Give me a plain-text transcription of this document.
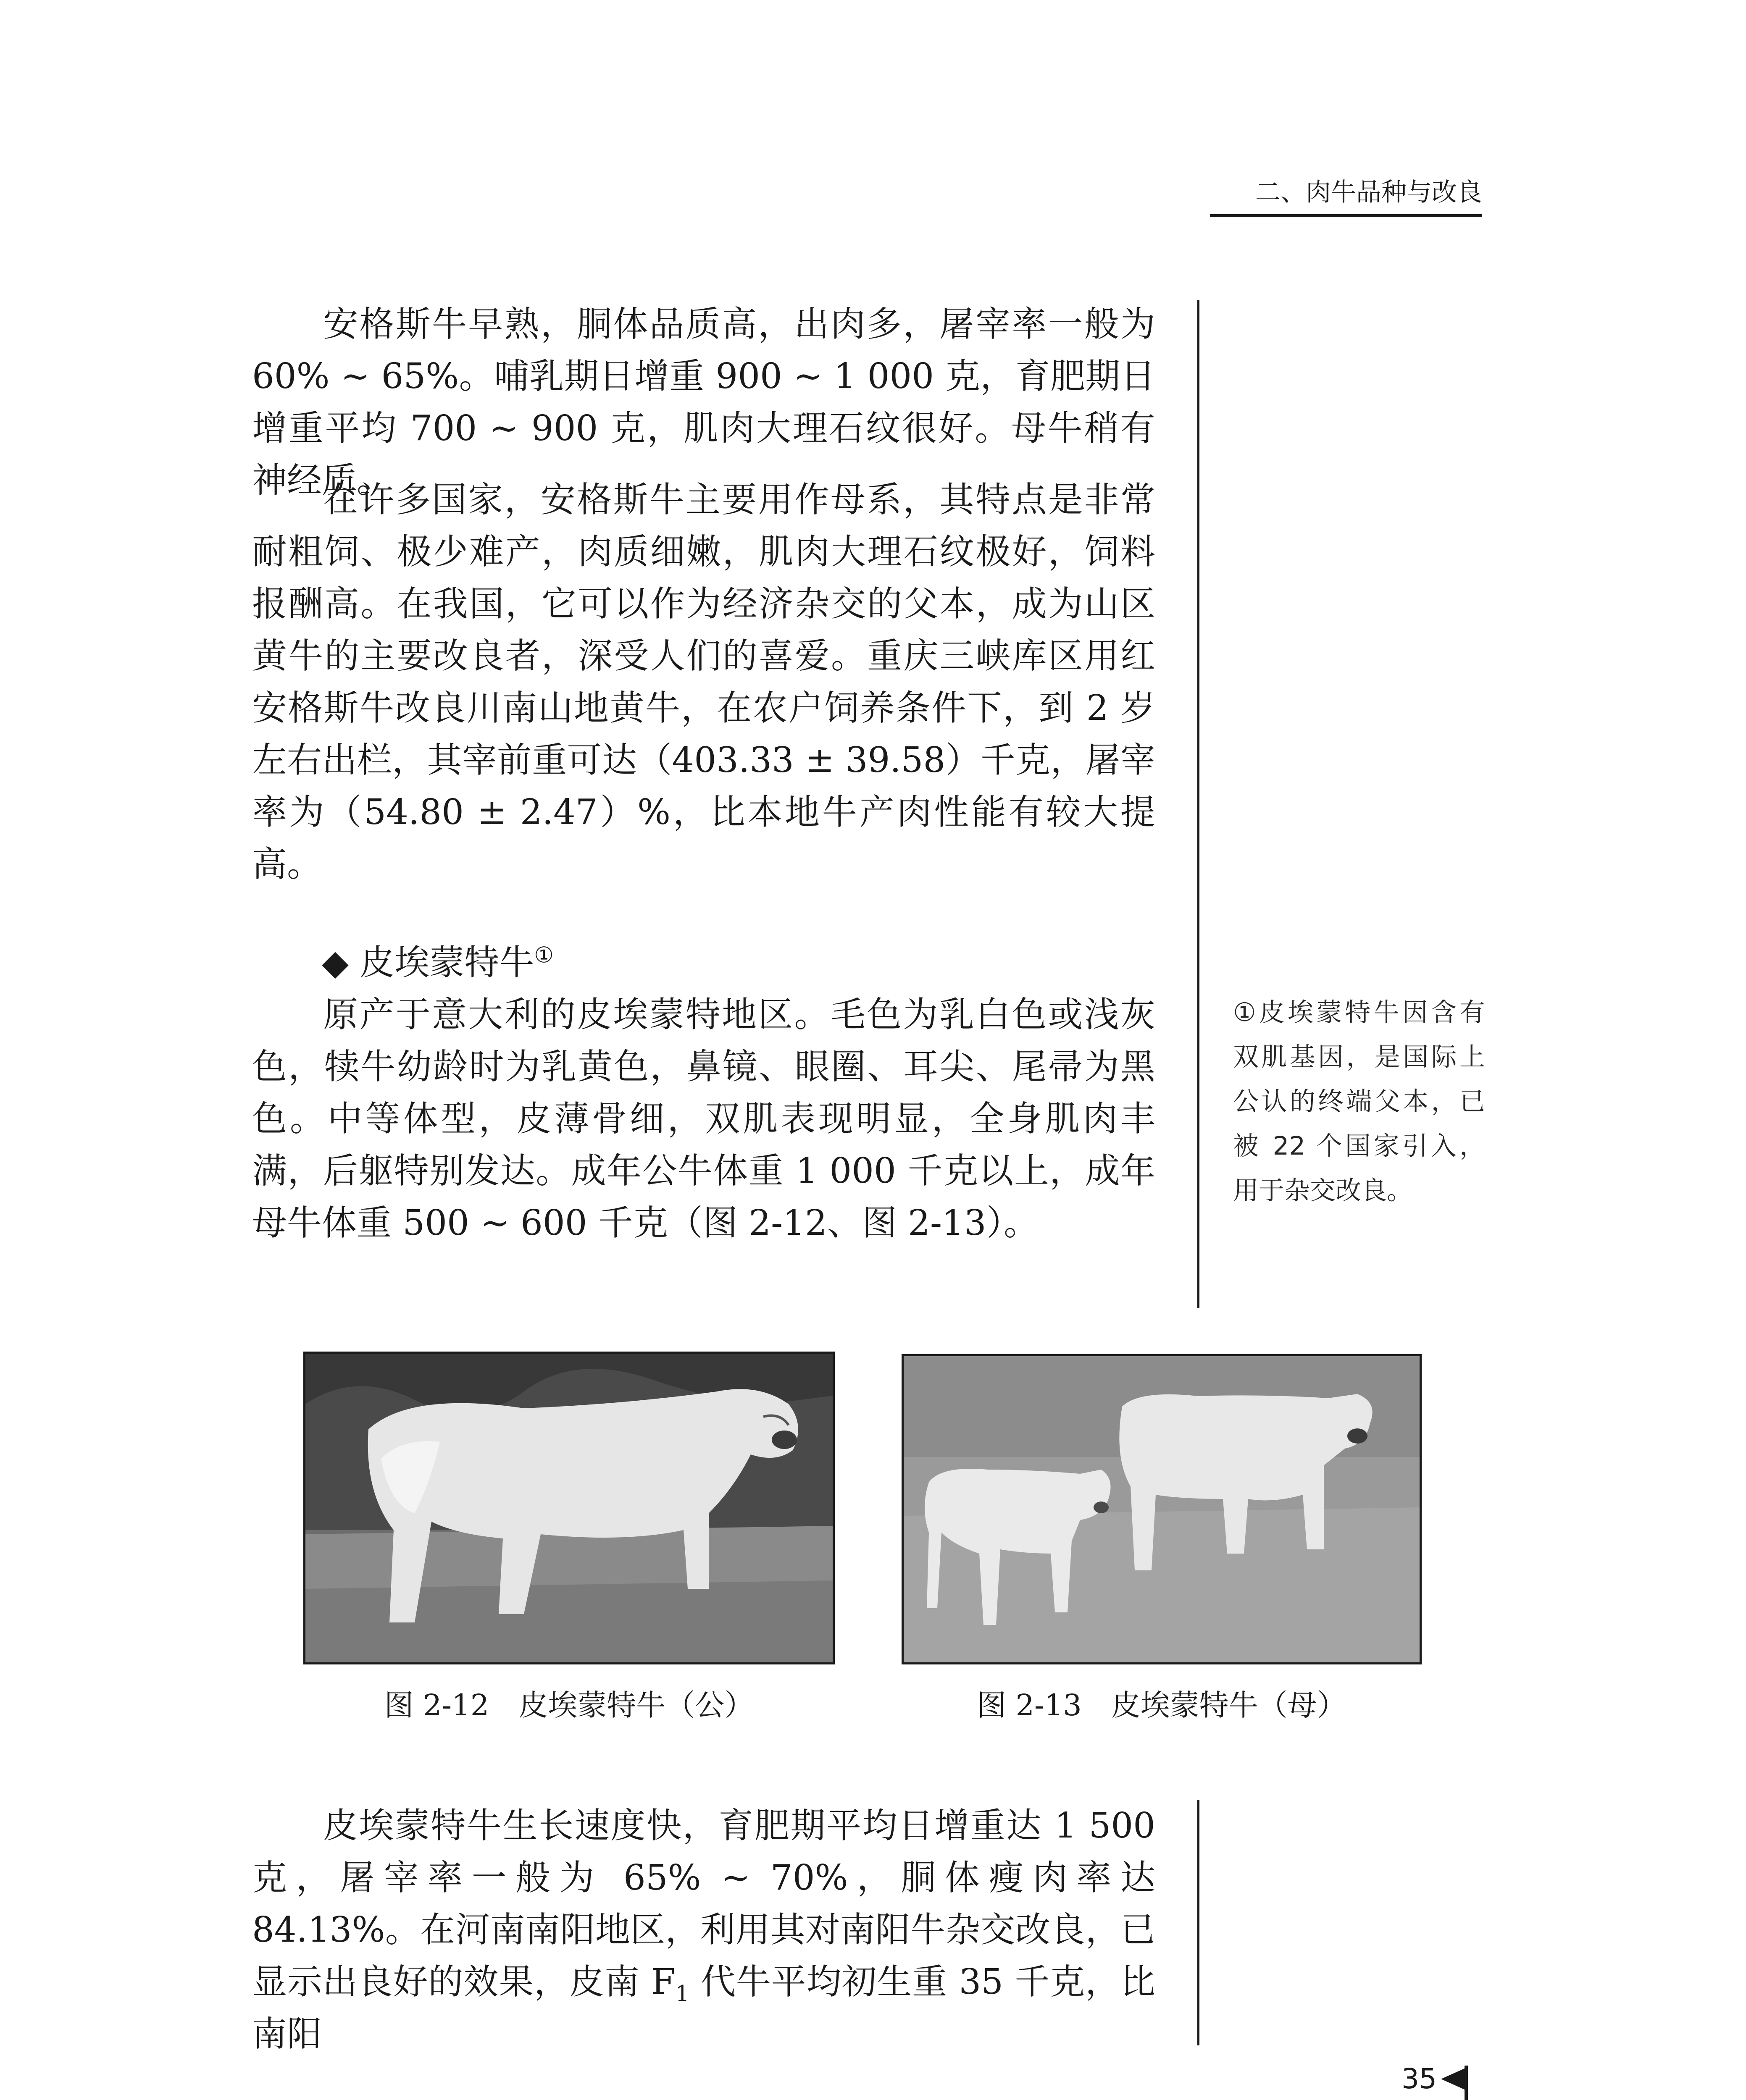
二、肉牛品种与改良

安格斯牛早熟，胴体品质高，出肉多，屠宰率一般为 60% ~ 65%。哺乳期日增重 900 ~ 1 000 克，育肥期日增重平均 700 ~ 900 克，肌肉大理石纹很好。母牛稍有神经质。

在许多国家，安格斯牛主要用作母系，其特点是非常耐粗饲、极少难产，肉质细嫩，肌肉大理石纹极好，饲料报酬高。在我国，它可以作为经济杂交的父本，成为山区黄牛的主要改良者，深受人们的喜爱。重庆三峡库区用红安格斯牛改良川南山地黄牛，在农户饲养条件下，到 2 岁左右出栏，其宰前重可达（403.33 ± 39.58）千克，屠宰率为（54.80 ± 2.47）%，比本地牛产肉性能有较大提高。

◆ 皮埃蒙特牛①

原产于意大利的皮埃蒙特地区。毛色为乳白色或浅灰色，犊牛幼龄时为乳黄色，鼻镜、眼圈、耳尖、尾帚为黑色。中等体型，皮薄骨细，双肌表现明显，全身肌肉丰满，后躯特别发达。成年公牛体重 1 000 千克以上，成年母牛体重 500 ~ 600 千克（图 2-12、图 2-13）。

①皮埃蒙特牛因含有双肌基因，是国际上公认的终端父本，已被 22 个国家引入，用于杂交改良。

图 2-12 皮埃蒙特牛（公）	图 2-13 皮埃蒙特牛（母）

皮埃蒙特牛生长速度快，育肥期平均日增重达 1 500 克，屠宰率一般为 65% ~ 70%，胴体瘦肉率达 84.13%。在河南南阳地区，利用其对南阳牛杂交改良，已显示出良好的效果，皮南 $F_1$ 代牛平均初生重 35 千克，比南阳

35
